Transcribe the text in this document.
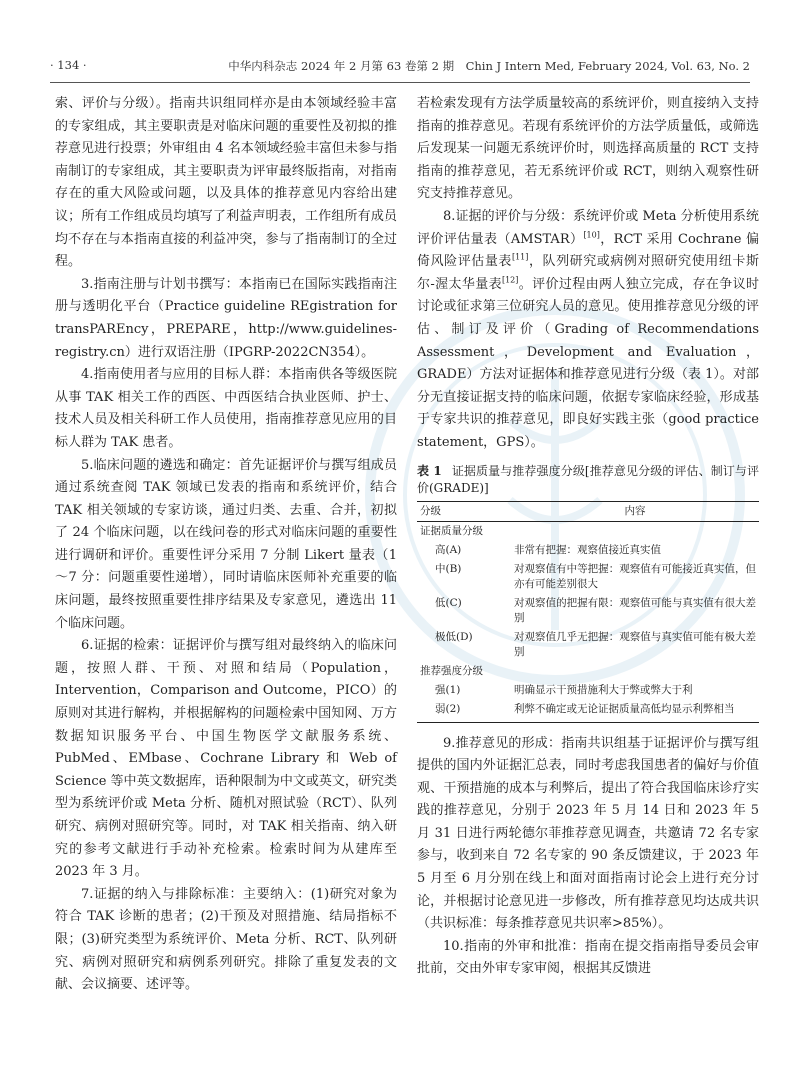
· 134 ·	中华内科杂志 2024 年 2 月第 63 卷第 2 期　Chin J Intern Med, February 2024, Vol. 63, No. 2

索、评价与分级）。指南共识组同样亦是由本领域经验丰富的专家组成，其主要职责是对临床问题的重要性及初拟的推荐意见进行投票；外审组由 4 名本领域经验丰富但未参与指南制订的专家组成，其主要职责为评审最终版指南，对指南存在的重大风险或问题，以及具体的推荐意见内容给出建议；所有工作组成员均填写了利益声明表，工作组所有成员均不存在与本指南直接的利益冲突，参与了指南制订的全过程。

3.指南注册与计划书撰写：本指南已在国际实践指南注册与透明化平台（Practice guideline REgistration for transPAREncy，PREPARE，http://www.guidelines-registry.cn）进行双语注册（IPGRP-2022CN354）。

4.指南使用者与应用的目标人群：本指南供各等级医院从事 TAK 相关工作的西医、中西医结合执业医师、护士、技术人员及相关科研工作人员使用，指南推荐意见应用的目标人群为 TAK 患者。

5.临床问题的遴选和确定：首先证据评价与撰写组成员通过系统查阅 TAK 领域已发表的指南和系统评价，结合 TAK 相关领域的专家访谈，通过归类、去重、合并，初拟了 24 个临床问题，以在线问卷的形式对临床问题的重要性进行调研和评价。重要性评分采用 7 分制 Likert 量表（1～7 分：问题重要性递增），同时请临床医师补充重要的临床问题，最终按照重要性排序结果及专家意见，遴选出 11 个临床问题。

6.证据的检索：证据评价与撰写组对最终纳入的临床问题，按照人群、干预、对照和结局（Population，Intervention，Comparison and Outcome，PICO）的原则对其进行解构，并根据解构的问题检索中国知网、万方数据知识服务平台、中国生物医学文献服务系统、PubMed、EMbase、Cochrane Library 和 Web of Science 等中英文数据库，语种限制为中文或英文，研究类型为系统评价或 Meta 分析、随机对照试验（RCT）、队列研究、病例对照研究等。同时，对 TAK 相关指南、纳入研究的参考文献进行手动补充检索。检索时间为从建库至 2023 年 3 月。

7.证据的纳入与排除标准：主要纳入：(1)研究对象为符合 TAK 诊断的患者；(2)干预及对照措施、结局指标不限；(3)研究类型为系统评价、Meta 分析、RCT、队列研究、病例对照研究和病例系列研究。排除了重复发表的文献、会议摘要、述评等。

若检索发现有方法学质量较高的系统评价，则直接纳入支持指南的推荐意见。若现有系统评价的方法学质量低，或筛选后发现某一问题无系统评价时，则选择高质量的 RCT 支持指南的推荐意见，若无系统评价或 RCT，则纳入观察性研究支持推荐意见。

8.证据的评价与分级：系统评价或 Meta 分析使用系统评价评估量表（AMSTAR）[10]，RCT 采用 Cochrane 偏倚风险评估量表[11]，队列研究或病例对照研究使用纽卡斯尔-渥太华量表[12]。评价过程由两人独立完成，存在争议时讨论或征求第三位研究人员的意见。使用推荐意见分级的评估、制订及评价（Grading of Recommendations Assessment，Development and Evaluation，GRADE）方法对证据体和推荐意见进行分级（表 1）。对部分无直接证据支持的临床问题，依据专家临床经验，形成基于专家共识的推荐意见，即良好实践主张（good practice statement，GPS）。

表 1 证据质量与推荐强度分级[推荐意见分级的评估、制订与评价(GRADE)]
分级	内容
证据质量分级	
高(A)	非常有把握：观察值接近真实值
中(B)	对观察值有中等把握：观察值有可能接近真实值，但亦有可能差别很大
低(C)	对观察值的把握有限：观察值可能与真实值有很大差别
极低(D)	对观察值几乎无把握：观察值与真实值可能有极大差别
推荐强度分级	
强(1)	明确显示干预措施利大于弊或弊大于利
弱(2)	利弊不确定或无论证据质量高低均显示利弊相当

9.推荐意见的形成：指南共识组基于证据评价与撰写组提供的国内外证据汇总表，同时考虑我国患者的偏好与价值观、干预措施的成本与利弊后，提出了符合我国临床诊疗实践的推荐意见，分别于 2023 年 5 月 14 日和 2023 年 5 月 31 日进行两轮德尔菲推荐意见调查，共邀请 72 名专家参与，收到来自 72 名专家的 90 条反馈建议，于 2023 年 5 月至 6 月分别在线上和面对面指南讨论会上进行充分讨论，并根据讨论意见进一步修改，所有推荐意见均达成共识（共识标准：每条推荐意见共识率>85%）。

10.指南的外审和批准：指南在提交指南指导委员会审批前，交由外审专家审阅，根据其反馈进
